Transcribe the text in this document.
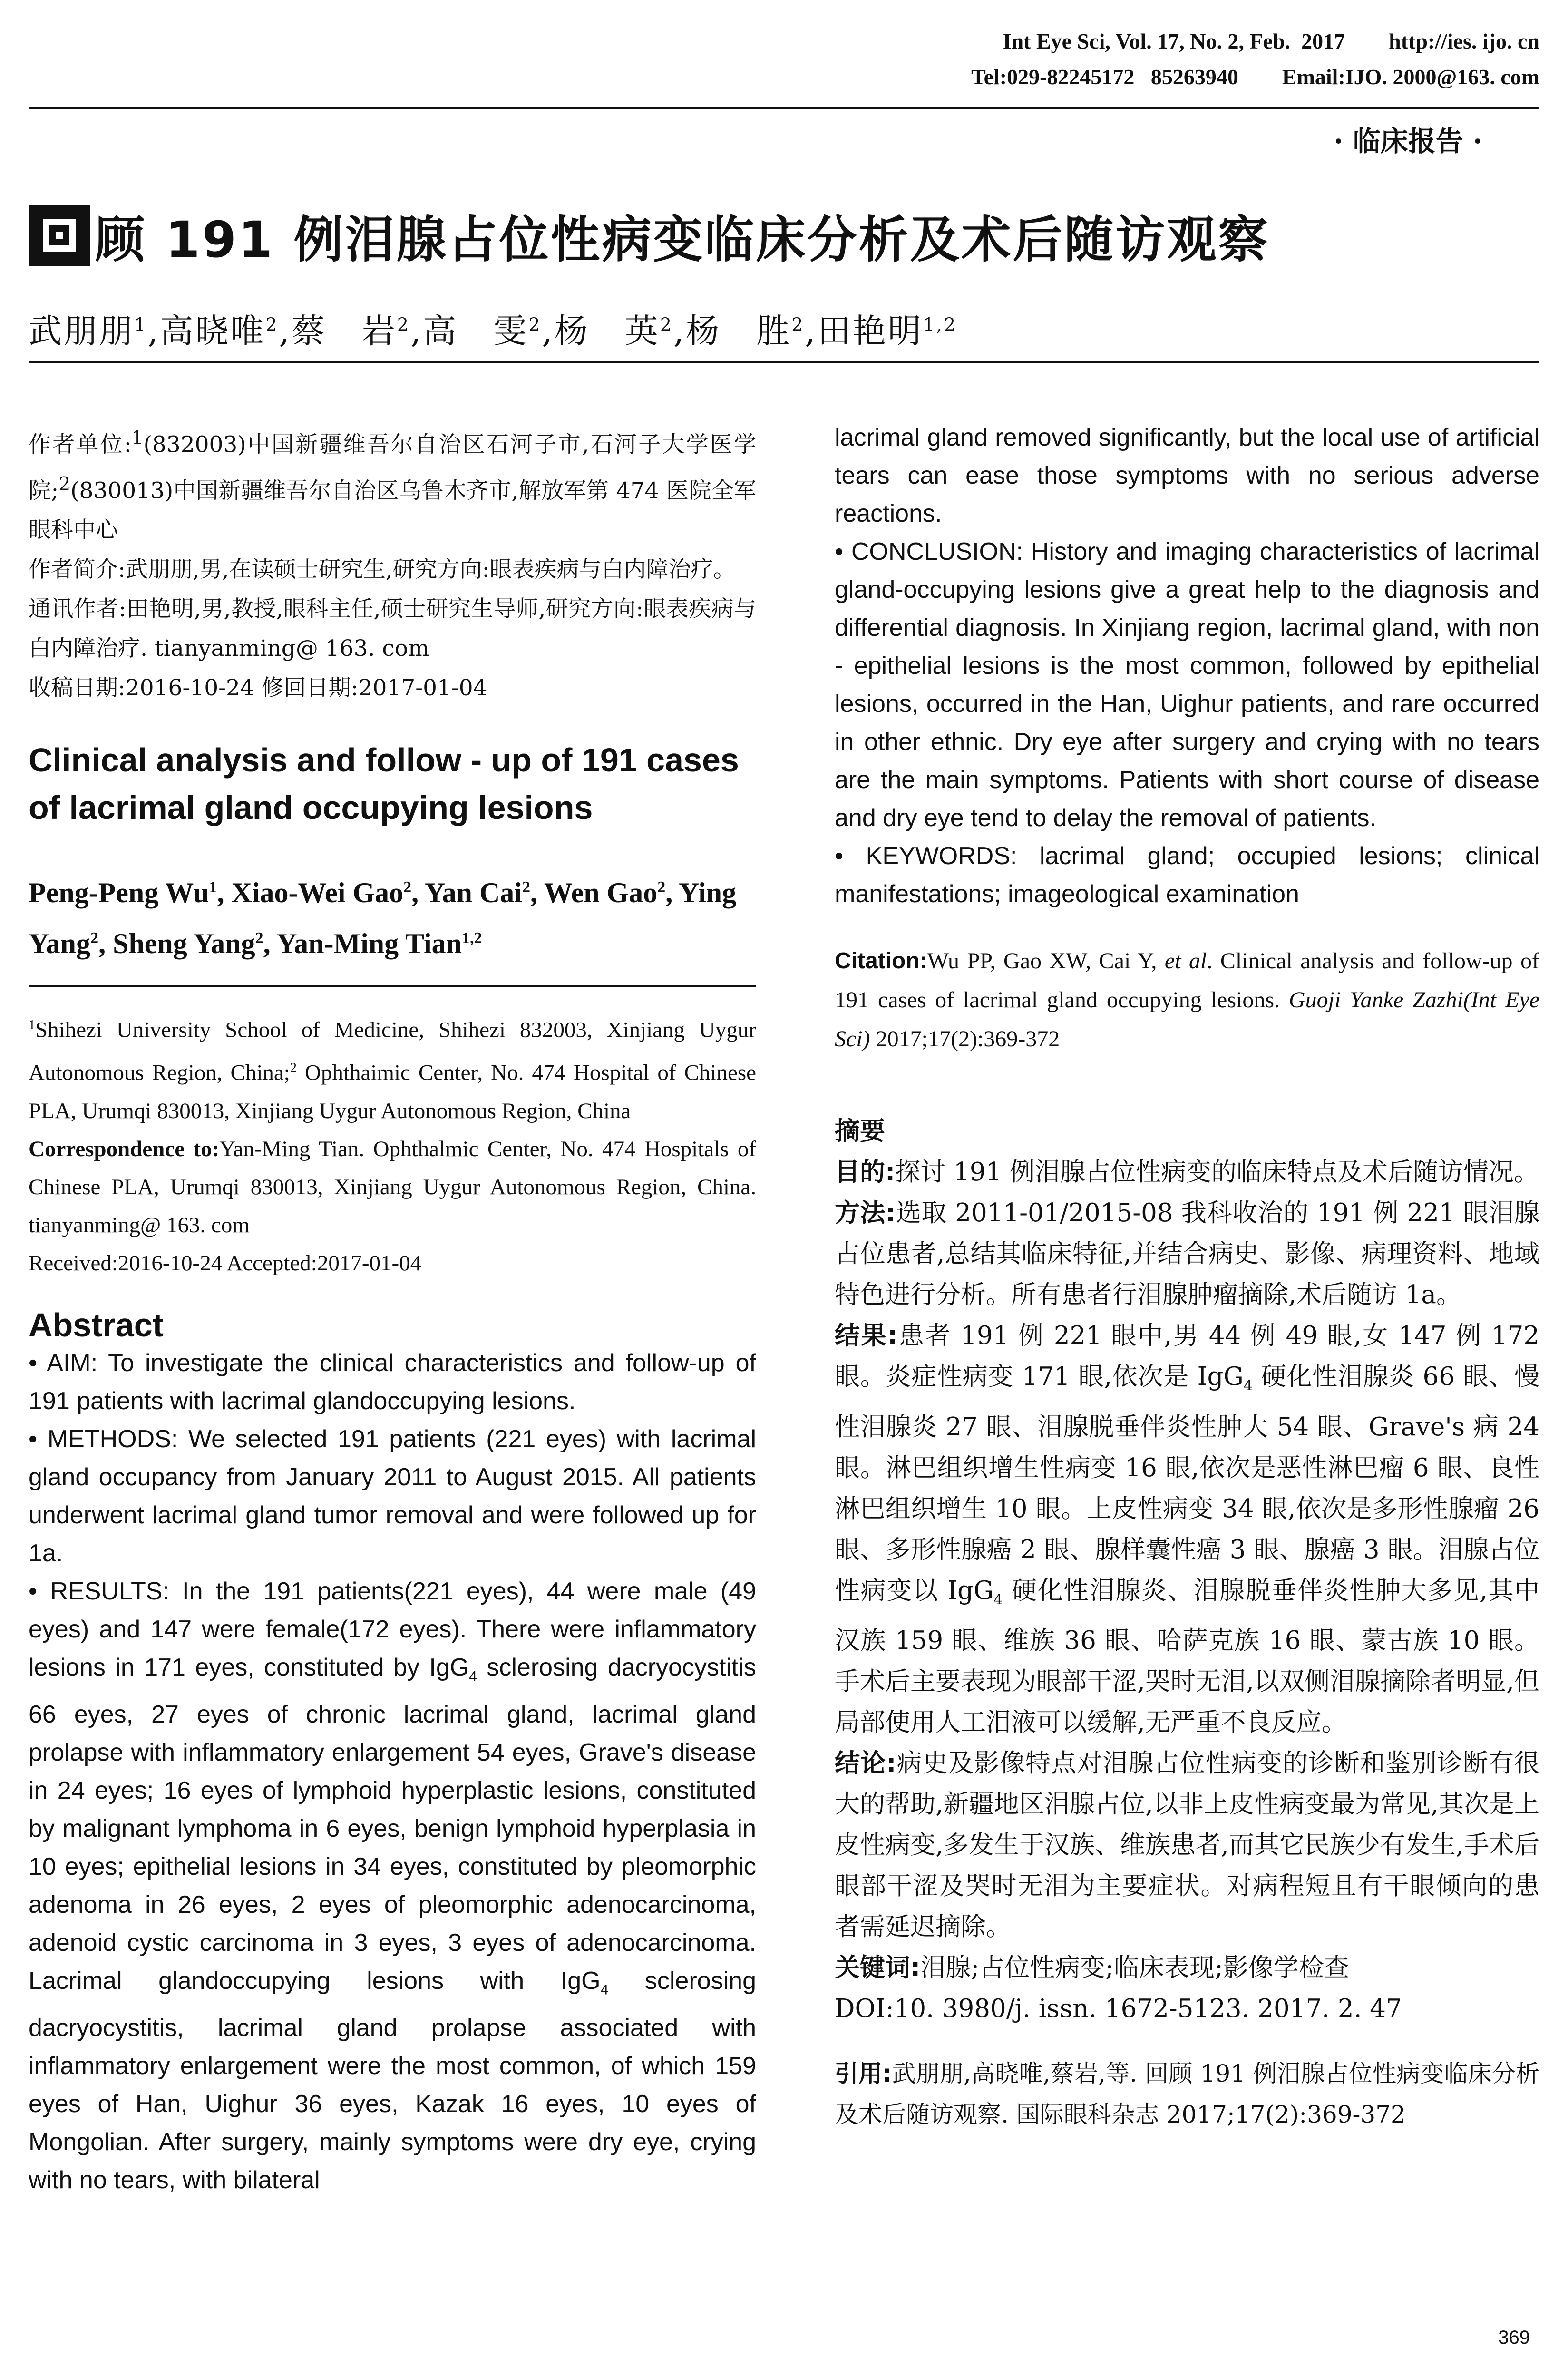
Int Eye Sci, Vol. 17, No. 2, Feb.  2017        http://ies. ijo. cn
Tel:029-82245172   85263940        Email:IJO. 2000@163. com
· 临床报告 ·
顾 191 例泪腺占位性病变临床分析及术后随访观察
武朋朋$^1$,高晓唯$^2$,蔡　岩$^2$,高　雯$^2$,杨　英$^2$,杨　胜$^2$,田艳明$^{1,2}$
作者单位:$^1$(832003)中国新疆维吾尔自治区石河子市,石河子大学医学院;$^2$(830013)中国新疆维吾尔自治区乌鲁木齐市,解放军第 474 医院全军眼科中心
作者简介:武朋朋,男,在读硕士研究生,研究方向:眼表疾病与白内障治疗。
通讯作者:田艳明,男,教授,眼科主任,硕士研究生导师,研究方向:眼表疾病与白内障治疗. tianyanming@ 163. com
收稿日期:2016-10-24 修回日期:2017-01-04
Clinical analysis and follow - up of 191 cases of lacrimal gland occupying lesions
Peng-Peng Wu$^1$, Xiao-Wei Gao$^2$, Yan Cai$^2$, Wen Gao$^2$, Ying Yang$^2$, Sheng Yang$^2$, Yan-Ming Tian$^{1,2}$
$^1$Shihezi University School of Medicine, Shihezi 832003, Xinjiang Uygur Autonomous Region, China;$^2$ Ophthaimic Center, No. 474 Hospital of Chinese PLA, Urumqi 830013, Xinjiang Uygur Autonomous Region, China
Correspondence to:Yan-Ming Tian. Ophthalmic Center, No. 474 Hospitals of Chinese PLA, Urumqi 830013, Xinjiang Uygur Autonomous Region, China. tianyanming@ 163. com
Received:2016-10-24 Accepted:2017-01-04
Abstract

• AIM: To investigate the clinical characteristics and follow-up of 191 patients with lacrimal glandoccupying lesions.

• METHODS: We selected 191 patients (221 eyes) with lacrimal gland occupancy from January 2011 to August 2015. All patients underwent lacrimal gland tumor removal and were followed up for 1a.

• RESULTS: In the 191 patients(221 eyes), 44 were male (49 eyes) and 147 were female(172 eyes). There were inflammatory lesions in 171 eyes, constituted by IgG$_4$ sclerosing dacryocystitis 66 eyes, 27 eyes of chronic lacrimal gland, lacrimal gland prolapse with inflammatory enlargement 54 eyes, Grave's disease in 24 eyes; 16 eyes of lymphoid hyperplastic lesions, constituted by malignant lymphoma in 6 eyes, benign lymphoid hyperplasia in 10 eyes; epithelial lesions in 34 eyes, constituted by pleomorphic adenoma in 26 eyes, 2 eyes of pleomorphic adenocarcinoma, adenoid cystic carcinoma in 3 eyes, 3 eyes of adenocarcinoma. Lacrimal glandoccupying lesions with IgG$_4$ sclerosing dacryocystitis, lacrimal gland prolapse associated with inflammatory enlargement were the most common, of which 159 eyes of Han, Uighur 36 eyes, Kazak 16 eyes, 10 eyes of Mongolian. After surgery, mainly symptoms were dry eye, crying with no tears, with bilateral

lacrimal gland removed significantly, but the local use of artificial tears can ease those symptoms with no serious adverse reactions.

• CONCLUSION: History and imaging characteristics of lacrimal gland-occupying lesions give a great help to the diagnosis and differential diagnosis. In Xinjiang region, lacrimal gland, with non - epithelial lesions is the most common, followed by epithelial lesions, occurred in the Han, Uighur patients, and rare occurred in other ethnic. Dry eye after surgery and crying with no tears are the main symptoms. Patients with short course of disease and dry eye tend to delay the removal of patients.

• KEYWORDS: lacrimal gland; occupied lesions; clinical manifestations; imageological examination

Citation:Wu PP, Gao XW, Cai Y, et al. Clinical analysis and follow-up of 191 cases of lacrimal gland occupying lesions. Guoji Yanke Zazhi(Int Eye Sci) 2017;17(2):369-372

摘要

目的:探讨 191 例泪腺占位性病变的临床特点及术后随访情况。

方法:选取 2011-01/2015-08 我科收治的 191 例 221 眼泪腺占位患者,总结其临床特征,并结合病史、影像、病理资料、地域特色进行分析。所有患者行泪腺肿瘤摘除,术后随访 1a。

结果:患者 191 例 221 眼中,男 44 例 49 眼,女 147 例 172 眼。炎症性病变 171 眼,依次是 IgG$_4$ 硬化性泪腺炎 66 眼、慢性泪腺炎 27 眼、泪腺脱垂伴炎性肿大 54 眼、Grave's 病 24 眼。淋巴组织增生性病变 16 眼,依次是恶性淋巴瘤 6 眼、良性淋巴组织增生 10 眼。上皮性病变 34 眼,依次是多形性腺瘤 26 眼、多形性腺癌 2 眼、腺样囊性癌 3 眼、腺癌 3 眼。泪腺占位性病变以 IgG$_4$ 硬化性泪腺炎、泪腺脱垂伴炎性肿大多见,其中汉族 159 眼、维族 36 眼、哈萨克族 16 眼、蒙古族 10 眼。手术后主要表现为眼部干涩,哭时无泪,以双侧泪腺摘除者明显,但局部使用人工泪液可以缓解,无严重不良反应。

结论:病史及影像特点对泪腺占位性病变的诊断和鉴别诊断有很大的帮助,新疆地区泪腺占位,以非上皮性病变最为常见,其次是上皮性病变,多发生于汉族、维族患者,而其它民族少有发生,手术后眼部干涩及哭时无泪为主要症状。对病程短且有干眼倾向的患者需延迟摘除。

关键词:泪腺;占位性病变;临床表现;影像学检查

DOI:10. 3980/j. issn. 1672-5123. 2017. 2. 47

引用:武朋朋,高晓唯,蔡岩,等. 回顾 191 例泪腺占位性病变临床分析及术后随访观察. 国际眼科杂志 2017;17(2):369-372
369
